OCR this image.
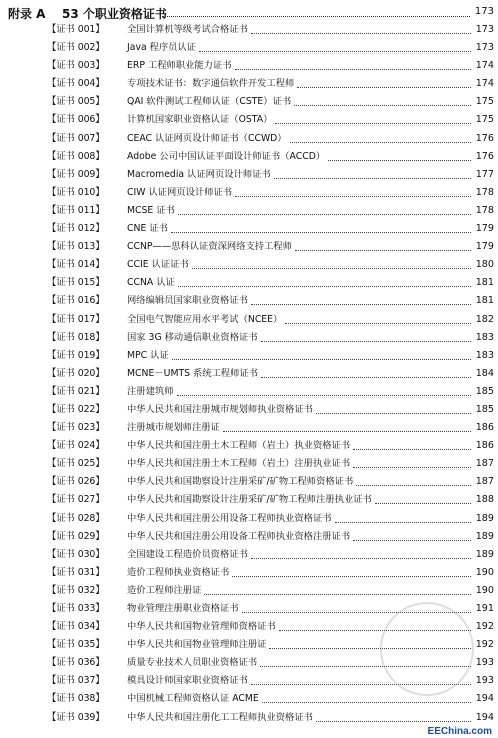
附录 A 53 个职业资格证书	173
【证书 001】 全国计算机等级考试合格证书	173
【证书 002】 Java 程序员认证	173
【证书 003】 ERP 工程师职业能力证书	174
【证书 004】 专项技术证书：数字通信软件开发工程师	174
【证书 005】 QAI 软件测试工程师认证（CSTE）证书	175
【证书 006】 计算机国家职业资格认证（OSTA）	175
【证书 007】 CEAC 认证网页设计师证书（CCWD）	176
【证书 008】 Adobe 公司中国认证平面设计师证书（ACCD）	176
【证书 009】 Macromedia 认证网页设计师证书	177
【证书 010】 CIW 认证网页设计师证书	178
【证书 011】 MCSE 证书	178
【证书 012】 CNE 证书	179
【证书 013】 CCNP——思科认证资深网络支持工程师	179
【证书 014】 CCIE 认证证书	180
【证书 015】 CCNA 认证	181
【证书 016】 网络编辑员国家职业资格证书	181
【证书 017】 全国电气智能应用水平考试（NCEE）	182
【证书 018】 国家 3G 移动通信职业资格证书	183
【证书 019】 MPC 认证	183
【证书 020】 MCNE－UMTS 系统工程师证书	184
【证书 021】 注册建筑师	185
【证书 022】 中华人民共和国注册城市规划师执业资格证书	185
【证书 023】 注册城市规划师注册证	186
【证书 024】 中华人民共和国注册土木工程师（岩土）执业资格证书	186
【证书 025】 中华人民共和国注册土木工程师（岩土）注册执业证书	187
【证书 026】 中华人民共和国勘察设计注册采矿/矿物工程师资格证书	187
【证书 027】 中华人民共和国勘察设计注册采矿/矿物工程师注册执业证书	188
【证书 028】 中华人民共和国注册公用设备工程师执业资格证书	189
【证书 029】 中华人民共和国注册公用设备工程师执业资格注册证书	189
【证书 030】 全国建设工程造价员资格证书	189
【证书 031】 造价工程师执业资格证书	190
【证书 032】 造价工程师注册证	190
【证书 033】 物业管理注册职业资格证书	191
【证书 034】 中华人民共和国物业管理师资格证书	192
【证书 035】 中华人民共和国物业管理师注册证	192
【证书 036】 质量专业技术人员职业资格证书	193
【证书 037】 模具设计师国家职业资格证书	193
【证书 038】 中国机械工程师资格认证 ACME	194
【证书 039】 中华人民共和国注册化工工程师执业资格证书	194

EEChina.com
